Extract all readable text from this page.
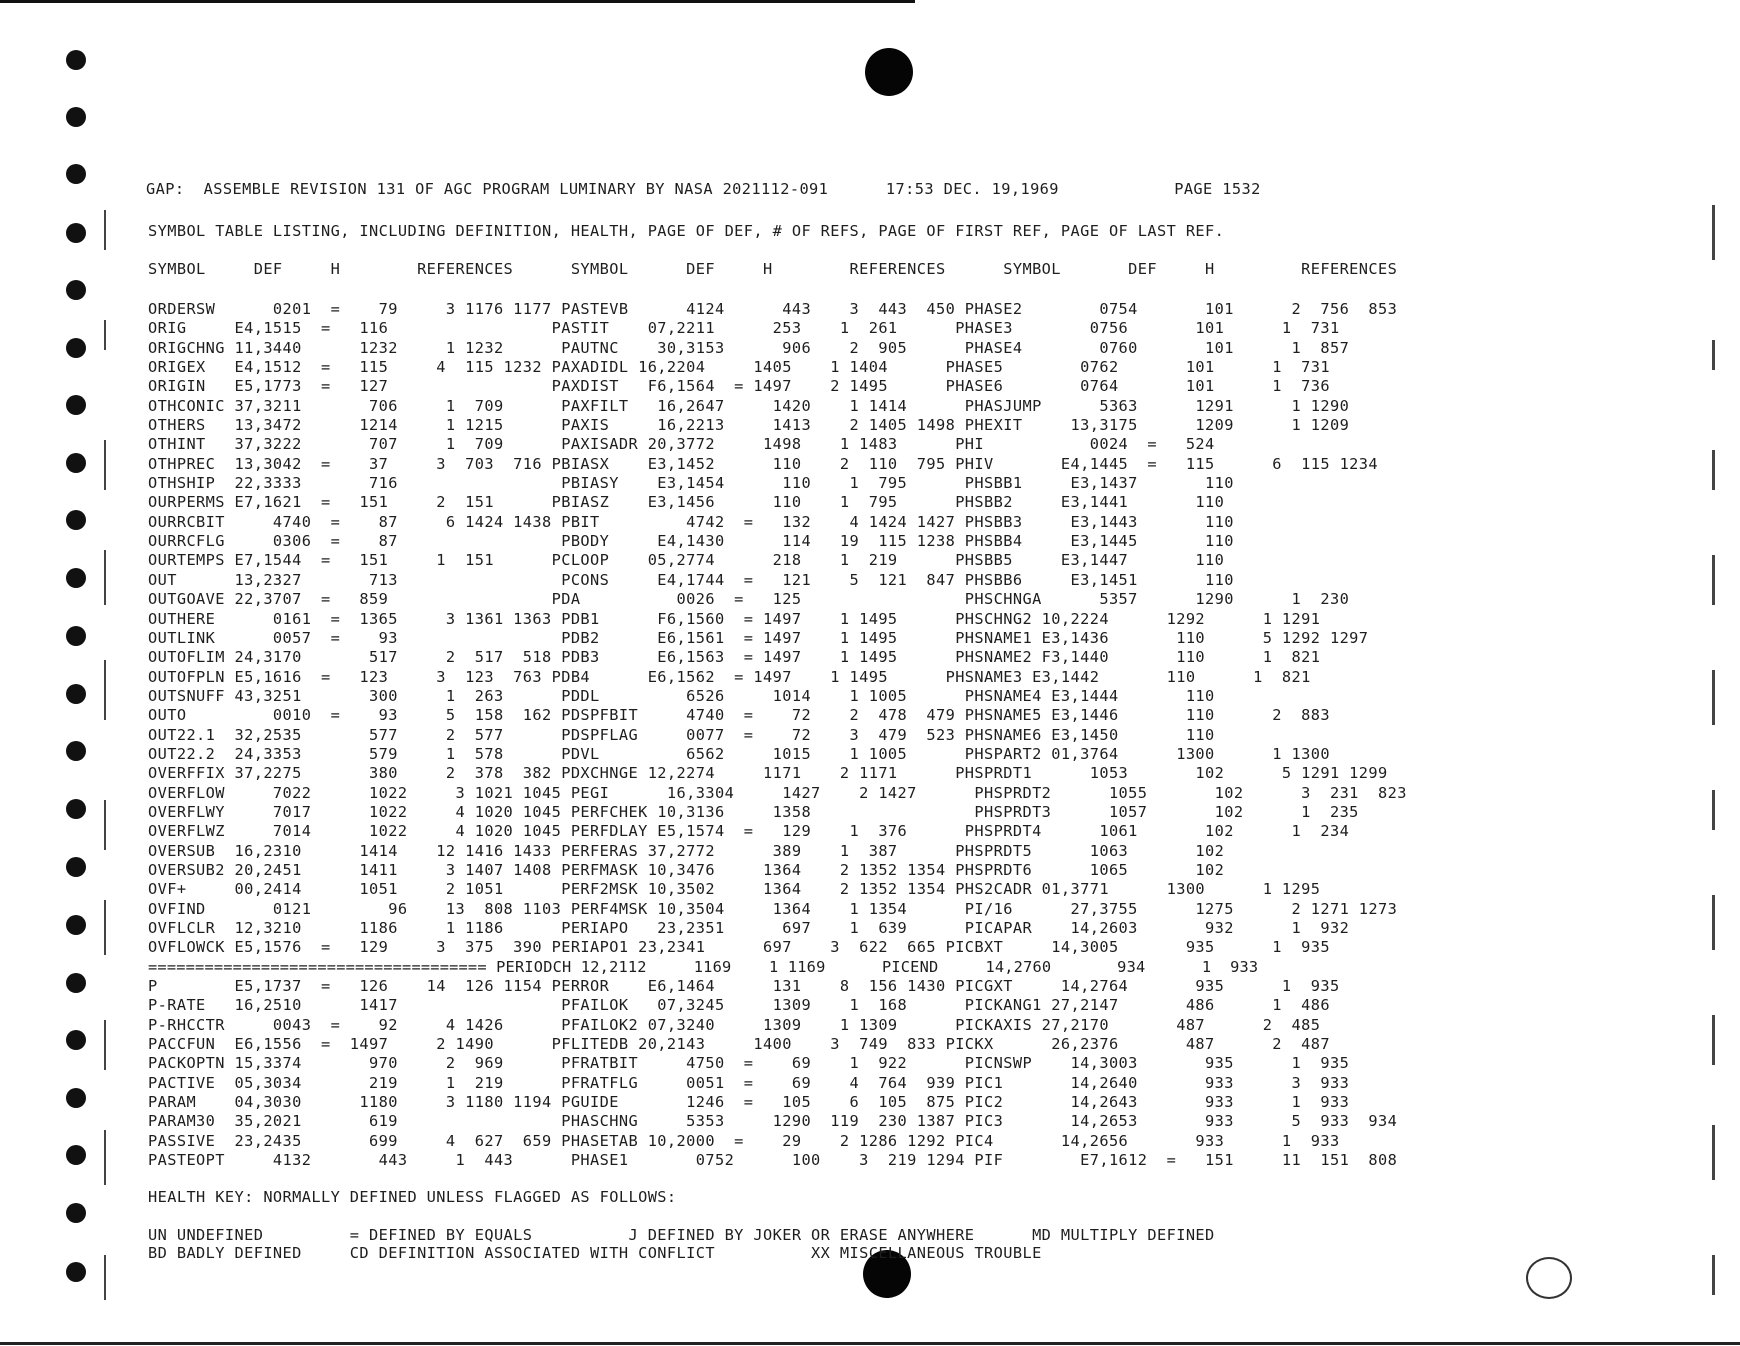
GAP:  ASSEMBLE REVISION 131 OF AGC PROGRAM LUMINARY BY NASA 2021112-091      17:53 DEC. 19,1969            PAGE 1532
SYMBOL TABLE LISTING, INCLUDING DEFINITION, HEALTH, PAGE OF DEF, # OF REFS, PAGE OF FIRST REF, PAGE OF LAST REF.
SYMBOL     DEF     H        REFERENCES      SYMBOL      DEF     H        REFERENCES      SYMBOL       DEF     H         REFERENCES
ORDERSW      0201  =    79     3 1176 1177 PASTEVB      4124      443    3  443  450 PHASE2        0754       101      2  756  853
ORIG     E4,1515  =   116                 PASTIT    07,2211      253    1  261      PHASE3        0756       101      1  731
ORIGCHNG 11,3440      1232     1 1232      PAUTNC    30,3153      906    2  905      PHASE4        0760       101      1  857
ORIGEX   E4,1512  =   115     4  115 1232 PAXADIDL 16,2204     1405    1 1404      PHASE5        0762       101      1  731
ORIGIN   E5,1773  =   127                 PAXDIST   F6,1564  = 1497    2 1495      PHASE6        0764       101      1  736
OTHCONIC 37,3211       706     1  709      PAXFILT   16,2647     1420    1 1414      PHASJUMP      5363      1291      1 1290
OTHERS   13,3472      1214     1 1215      PAXIS     16,2213     1413    2 1405 1498 PHEXIT     13,3175      1209      1 1209
OTHINT   37,3222       707     1  709      PAXISADR 20,3772     1498    1 1483      PHI           0024  =   524
OTHPREC  13,3042  =    37     3  703  716 PBIASX    E3,1452      110    2  110  795 PHIV       E4,1445  =   115      6  115 1234
OTHSHIP  22,3333       716                 PBIASY    E3,1454      110    1  795      PHSBB1     E3,1437       110
OURPERMS E7,1621  =   151     2  151      PBIASZ    E3,1456      110    1  795      PHSBB2     E3,1441       110
OURRCBIT     4740  =    87     6 1424 1438 PBIT         4742  =   132    4 1424 1427 PHSBB3     E3,1443       110
OURRCFLG     0306  =    87                 PBODY     E4,1430      114   19  115 1238 PHSBB4     E3,1445       110
OURTEMPS E7,1544  =   151     1  151      PCLOOP    05,2774      218    1  219      PHSBB5     E3,1447       110
OUT      13,2327       713                 PCONS     E4,1744  =   121    5  121  847 PHSBB6     E3,1451       110
OUTGOAVE 22,3707  =   859                 PDA          0026  =   125                 PHSCHNGA      5357      1290      1  230
OUTHERE      0161  =  1365     3 1361 1363 PDB1      F6,1560  = 1497    1 1495      PHSCHNG2 10,2224      1292      1 1291
OUTLINK      0057  =    93                 PDB2      E6,1561  = 1497    1 1495      PHSNAME1 E3,1436       110      5 1292 1297
OUTOFLIM 24,3170       517     2  517  518 PDB3      E6,1563  = 1497    1 1495      PHSNAME2 F3,1440       110      1  821
OUTOFPLN E5,1616  =   123     3  123  763 PDB4      E6,1562  = 1497    1 1495      PHSNAME3 E3,1442       110      1  821
OUTSNUFF 43,3251       300     1  263      PDDL         6526     1014    1 1005      PHSNAME4 E3,1444       110
OUTO         0010  =    93     5  158  162 PDSPFBIT     4740  =    72    2  478  479 PHSNAME5 E3,1446       110      2  883
OUT22.1  32,2535       577     2  577      PDSPFLAG     0077  =    72    3  479  523 PHSNAME6 E3,1450       110
OUT22.2  24,3353       579     1  578      PDVL         6562     1015    1 1005      PHSPART2 01,3764      1300      1 1300
OVERFFIX 37,2275       380     2  378  382 PDXCHNGE 12,2274     1171    2 1171      PHSPRDT1      1053       102      5 1291 1299
OVERFLOW     7022      1022     3 1021 1045 PEGI      16,3304     1427    2 1427      PHSPRDT2      1055       102      3  231  823
OVERFLWY     7017      1022     4 1020 1045 PERFCHEK 10,3136     1358                 PHSPRDT3      1057       102      1  235
OVERFLWZ     7014      1022     4 1020 1045 PERFDLAY E5,1574  =   129    1  376      PHSPRDT4      1061       102      1  234
OVERSUB  16,2310      1414    12 1416 1433 PERFERAS 37,2772      389    1  387      PHSPRDT5      1063       102
OVERSUB2 20,2451      1411     3 1407 1408 PERFMASK 10,3476     1364    2 1352 1354 PHSPRDT6      1065       102
OVF+     00,2414      1051     2 1051      PERF2MSK 10,3502     1364    2 1352 1354 PHS2CADR 01,3771      1300      1 1295
OVFIND       0121        96    13  808 1103 PERF4MSK 10,3504     1364    1 1354      PI/16      27,3755      1275      2 1271 1273
OVFLCLR  12,3210      1186     1 1186      PERIAPO   23,2351      697    1  639      PICAPAR    14,2603       932      1  932
OVFLOWCK E5,1576  =   129     3  375  390 PERIAPO1 23,2341      697    3  622  665 PICBXT     14,3005       935      1  935
==================================== PERIODCH 12,2112     1169    1 1169      PICEND     14,2760       934      1  933
P        E5,1737  =   126    14  126 1154 PERROR    E6,1464      131    8  156 1430 PICGXT     14,2764       935      1  935
P-RATE   16,2510      1417                 PFAILOK   07,3245     1309    1  168      PICKANG1 27,2147       486      1  486
P-RHCCTR     0043  =    92     4 1426      PFAILOK2 07,3240     1309    1 1309      PICKAXIS 27,2170       487      2  485
PACCFUN  E6,1556  =  1497     2 1490      PFLITEDB 20,2143     1400    3  749  833 PICKX      26,2376       487      2  487
PACKOPTN 15,3374       970     2  969      PFRATBIT     4750  =    69    1  922      PICNSWP    14,3003       935      1  935
PACTIVE  05,3034       219     1  219      PFRATFLG     0051  =    69    4  764  939 PIC1       14,2640       933      3  933
PARAM    04,3030      1180     3 1180 1194 PGUIDE       1246  =   105    6  105  875 PIC2       14,2643       933      1  933
PARAM30  35,2021       619                 PHASCHNG     5353     1290  119  230 1387 PIC3       14,2653       933      5  933  934
PASSIVE  23,2435       699     4  627  659 PHASETAB 10,2000  =    29    2 1286 1292 PIC4       14,2656       933      1  933
PASTEOPT     4132       443     1  443      PHASE1       0752      100    3  219 1294 PIF        E7,1612  =   151     11  151  808
HEALTH KEY: NORMALLY DEFINED UNLESS FLAGGED AS FOLLOWS:
UN UNDEFINED         = DEFINED BY EQUALS          J DEFINED BY JOKER OR ERASE ANYWHERE      MD MULTIPLY DEFINED
BD BADLY DEFINED     CD DEFINITION ASSOCIATED WITH CONFLICT          XX MISCELLANEOUS TROUBLE
